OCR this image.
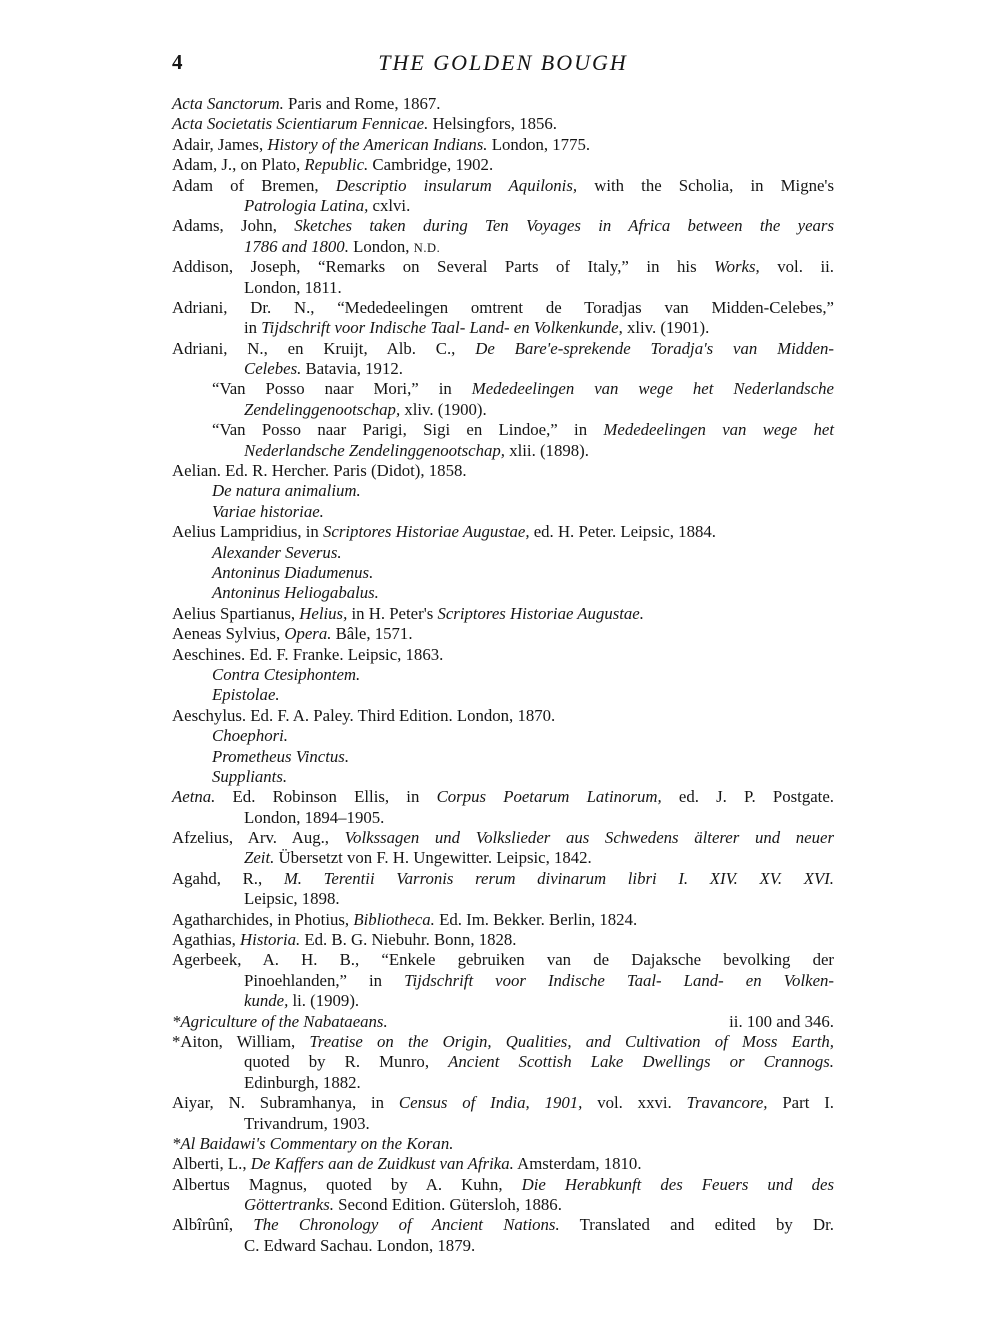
4	THE GOLDEN BOUGH
Acta Sanctorum. Paris and Rome, 1867.
Acta Societatis Scientiarum Fennicae. Helsingfors, 1856.
Adair, James, History of the American Indians. London, 1775.
Adam, J., on Plato, Republic. Cambridge, 1902.
Adam of Bremen, Descriptio insularum Aquilonis, with the Scholia, in Migne's
Patrologia Latina, cxlvi.
Adams, John, Sketches taken during Ten Voyages in Africa between the years
1786 and 1800. London, N.D.
Addison, Joseph, “Remarks on Several Parts of Italy,” in his Works, vol. ii.
London, 1811.
Adriani, Dr. N., “Mededeelingen omtrent de Toradjas van Midden-Celebes,”
in Tijdschrift voor Indische Taal- Land- en Volkenkunde, xliv. (1901).
Adriani, N., en Kruijt, Alb. C., De Bare'e-sprekende Toradja's van Midden-
Celebes. Batavia, 1912.
“Van Posso naar Mori,” in Mededeelingen van wege het Nederlandsche
Zendelinggenootschap, xliv. (1900).
“Van Posso naar Parigi, Sigi en Lindoe,” in Mededeelingen van wege het
Nederlandsche Zendelinggenootschap, xlii. (1898).
Aelian. Ed. R. Hercher. Paris (Didot), 1858.
De natura animalium.
Variae historiae.
Aelius Lampridius, in Scriptores Historiae Augustae, ed. H. Peter. Leipsic, 1884.
Alexander Severus.
Antoninus Diadumenus.
Antoninus Heliogabalus.
Aelius Spartianus, Helius, in H. Peter's Scriptores Historiae Augustae.
Aeneas Sylvius, Opera. Bâle, 1571.
Aeschines. Ed. F. Franke. Leipsic, 1863.
Contra Ctesiphontem.
Epistolae.
Aeschylus. Ed. F. A. Paley. Third Edition. London, 1870.
Choephori.
Prometheus Vinctus.
Suppliants.
Aetna. Ed. Robinson Ellis, in Corpus Poetarum Latinorum, ed. J. P. Postgate.
London, 1894–1905.
Afzelius, Arv. Aug., Volkssagen und Volkslieder aus Schwedens älterer und neuer
Zeit. Übersetzt von F. H. Ungewitter. Leipsic, 1842.
Agahd, R., M. Terentii Varronis rerum divinarum libri I. XIV. XV. XVI.
Leipsic, 1898.
Agatharchides, in Photius, Bibliotheca. Ed. Im. Bekker. Berlin, 1824.
Agathias, Historia. Ed. B. G. Niebuhr. Bonn, 1828.
Agerbeek, A. H. B., “Enkele gebruiken van de Dajaksche bevolking der
Pinoehlanden,” in Tijdschrift voor Indische Taal- Land- en Volken-
kunde, li. (1909).
*Agriculture of the Nabataeans.	ii. 100 and 346.
*Aiton, William, Treatise on the Origin, Qualities, and Cultivation of Moss Earth,
quoted by R. Munro, Ancient Scottish Lake Dwellings or Crannogs.
Edinburgh, 1882.
Aiyar, N. Subramhanya, in Census of India, 1901, vol. xxvi. Travancore, Part I.
Trivandrum, 1903.
*Al Baidawi's Commentary on the Koran.
Alberti, L., De Kaffers aan de Zuidkust van Afrika. Amsterdam, 1810.
Albertus Magnus, quoted by A. Kuhn, Die Herabkunft des Feuers und des
Göttertranks. Second Edition. Gütersloh, 1886.
Albîrûnî, The Chronology of Ancient Nations. Translated and edited by Dr.
C. Edward Sachau. London, 1879.
